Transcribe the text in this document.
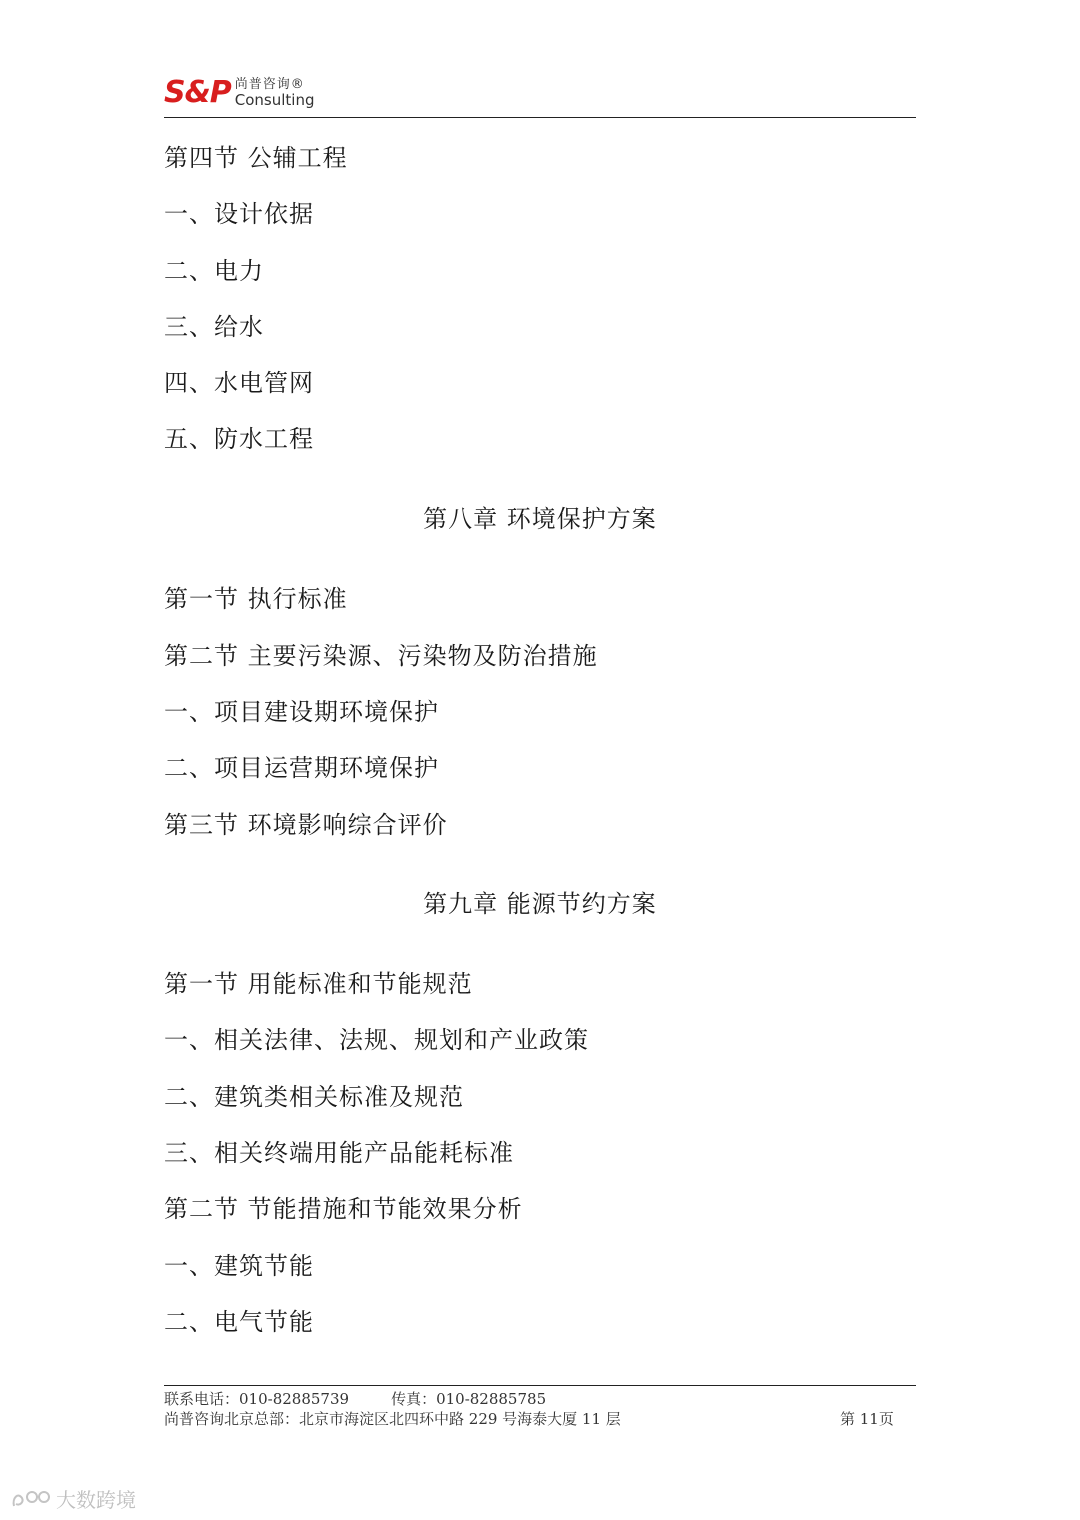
S&P 尚普咨询®
Consulting
第四节 公辅工程
一、设计依据
二、电力
三、给水
四、水电管网
五、防水工程
第八章 环境保护方案
第一节 执行标准
第二节 主要污染源、污染物及防治措施
一、项目建设期环境保护
二、项目运营期环境保护
第三节 环境影响综合评价
第九章 能源节约方案
第一节 用能标准和节能规范
一、相关法律、法规、规划和产业政策
二、建筑类相关标准及规范
三、相关终端用能产品能耗标准
第二节 节能措施和节能效果分析
一、建筑节能
二、电气节能
联系电话：010-82885739	传真：010-82885785
尚普咨询北京总部：北京市海淀区北四环中路 229 号海泰大厦 11 层	第 11页
大数跨境
